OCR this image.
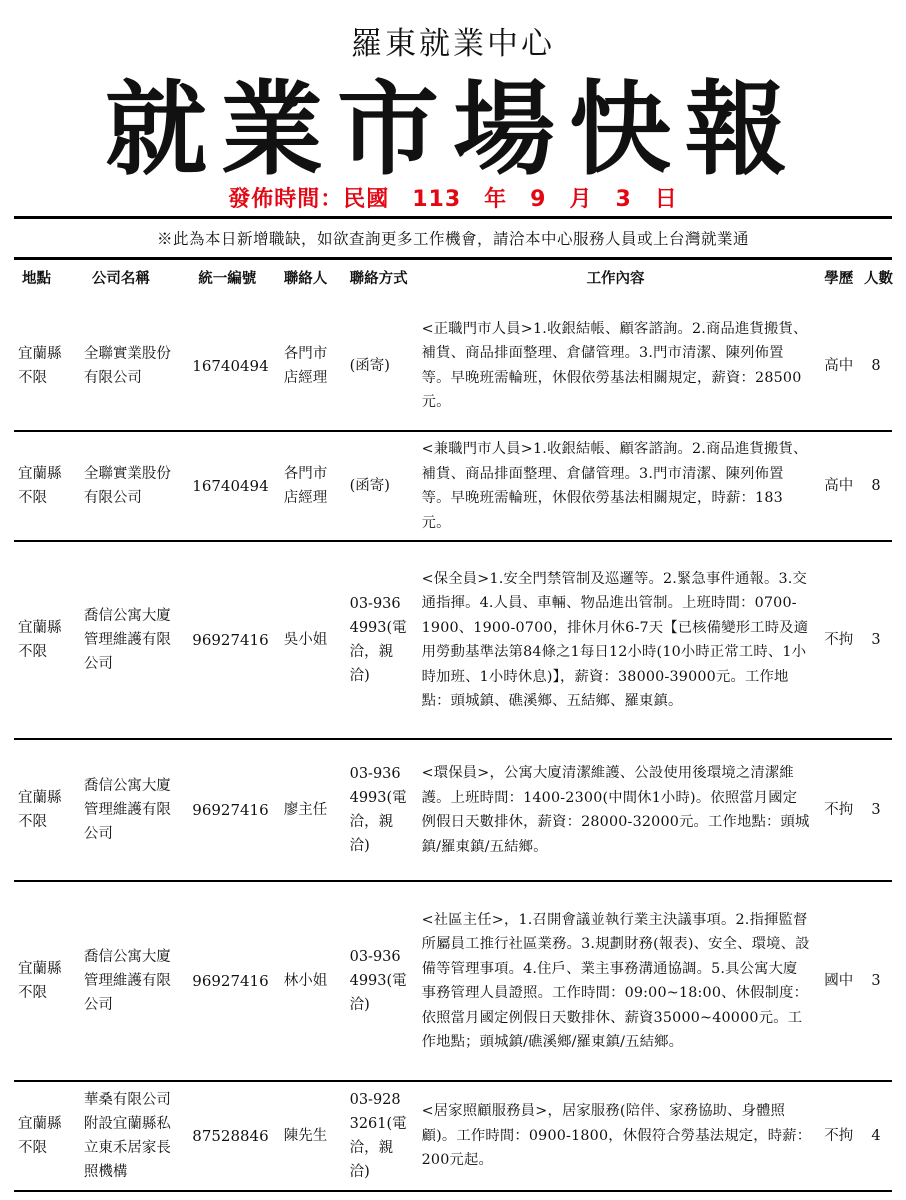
羅東就業中心
就業市場快報
發佈時間：民國　113　年　9　月　3　日
※此為本日新增職缺，如欲查詢更多工作機會，請洽本中心服務人員或上台灣就業通
地點	公司名稱	統一編號	聯絡人	聯絡方式	工作內容	學歷	人數
宜蘭縣不限	全聯實業股份有限公司	16740494	各門市店經理	(函寄)	<正職門市人員>1.收銀結帳、顧客諮詢。2.商品進貨搬貨、補貨、商品排面整理、倉儲管理。3.門市清潔、陳列佈置等。早晚班需輪班，休假依勞基法相關規定，薪資：28500元。	高中	8
宜蘭縣不限	全聯實業股份有限公司	16740494	各門市店經理	(函寄)	<兼職門市人員>1.收銀結帳、顧客諮詢。2.商品進貨搬貨、補貨、商品排面整理、倉儲管理。3.門市清潔、陳列佈置等。早晚班需輪班，休假依勞基法相關規定，時薪：183元。	高中	8
宜蘭縣不限	喬信公寓大廈管理維護有限公司	96927416	吳小姐	03-9364993(電洽，親洽)	<保全員>1.安全門禁管制及巡邏等。2.緊急事件通報。3.交通指揮。4.人員、車輛、物品進出管制。上班時間：0700-1900、1900-0700，排休月休6-7天【已核備變形工時及適用勞動基準法第84條之1每日12小時(10小時正常工時、1小時加班、1小時休息)】，薪資：38000-39000元。工作地點：頭城鎮、礁溪鄉、五結鄉、羅東鎮。	不拘	3
宜蘭縣不限	喬信公寓大廈管理維護有限公司	96927416	廖主任	03-9364993(電洽，親洽)	<環保員>，公寓大廈清潔維護、公設使用後環境之清潔維護。上班時間：1400-2300(中間休1小時)。依照當月國定例假日天數排休，薪資：28000-32000元。工作地點：頭城鎮/羅東鎮/五結鄉。	不拘	3
宜蘭縣不限	喬信公寓大廈管理維護有限公司	96927416	林小姐	03-9364993(電洽)	<社區主任>，1.召開會議並執行業主決議事項。2.指揮監督所屬員工推行社區業務。3.規劃財務(報表)、安全、環境、設備等管理事項。4.住戶、業主事務溝通協調。5.具公寓大廈事務管理人員證照。工作時間：09:00~18:00、休假制度：依照當月國定例假日天數排休、薪資35000~40000元。工作地點；頭城鎮/礁溪鄉/羅東鎮/五結鄉。	國中	3
宜蘭縣不限	華桑有限公司附設宜蘭縣私立東禾居家長照機構	87528846	陳先生	03-9283261(電洽，親洽)	<居家照顧服務員>，居家服務(陪伴、家務協助、身體照顧)。工作時間：0900-1800，休假符合勞基法規定，時薪：200元起。	不拘	4
